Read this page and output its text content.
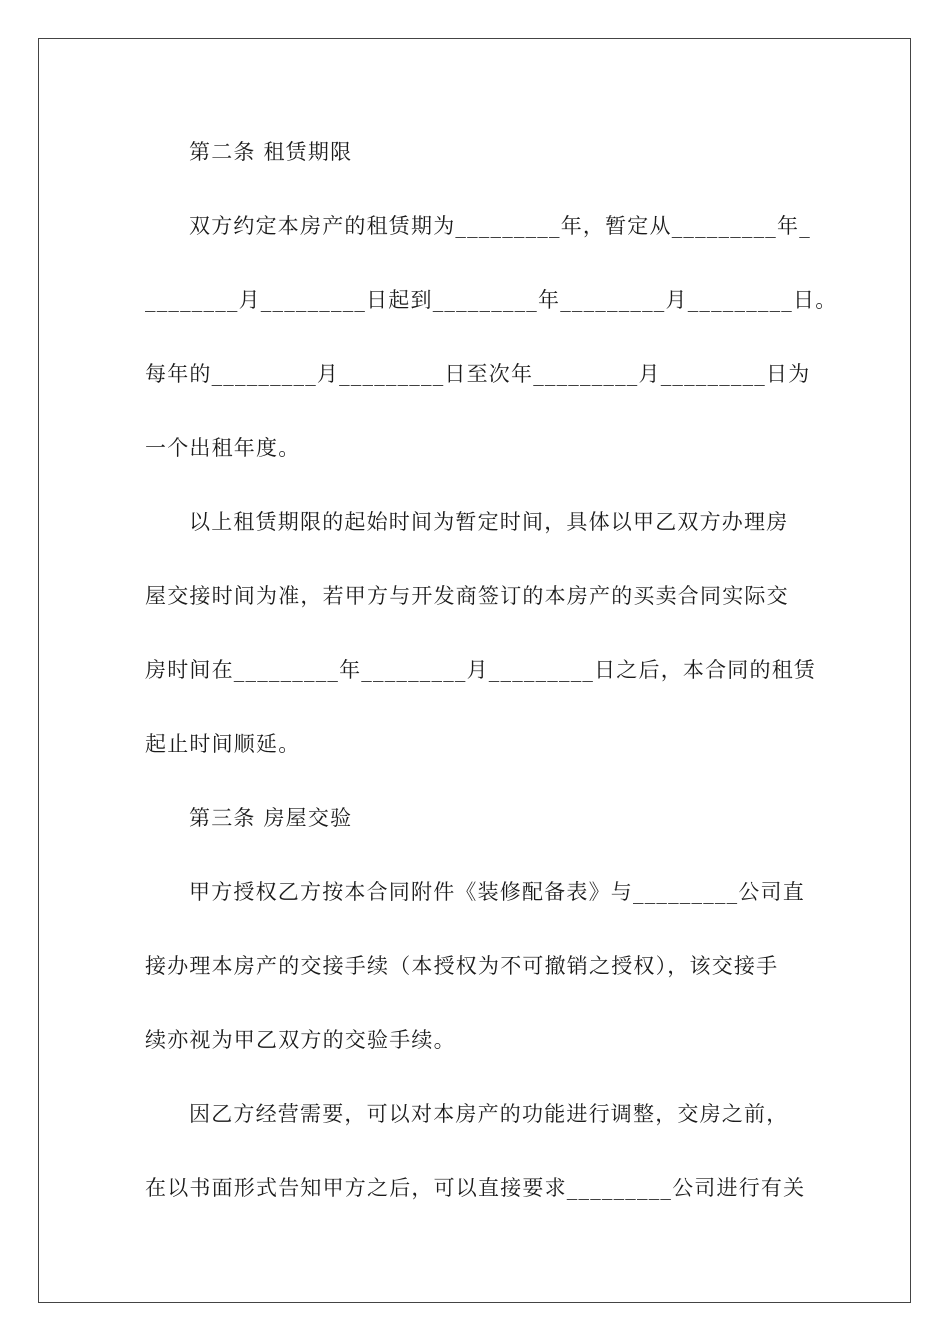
第二条 租赁期限
双方约定本房产的租赁期为_________年，暂定从_________年_
________月_________日起到_________年_________月_________日。
每年的_________月_________日至次年_________月_________日为
一个出租年度。
以上租赁期限的起始时间为暂定时间，具体以甲乙双方办理房
屋交接时间为准，若甲方与开发商签订的本房产的买卖合同实际交
房时间在_________年_________月_________日之后，本合同的租赁
起止时间顺延。
第三条 房屋交验
甲方授权乙方按本合同附件《装修配备表》与_________公司直
接办理本房产的交接手续（本授权为不可撤销之授权），该交接手
续亦视为甲乙双方的交验手续。
因乙方经营需要，可以对本房产的功能进行调整，交房之前，
在以书面形式告知甲方之后，可以直接要求_________公司进行有关
